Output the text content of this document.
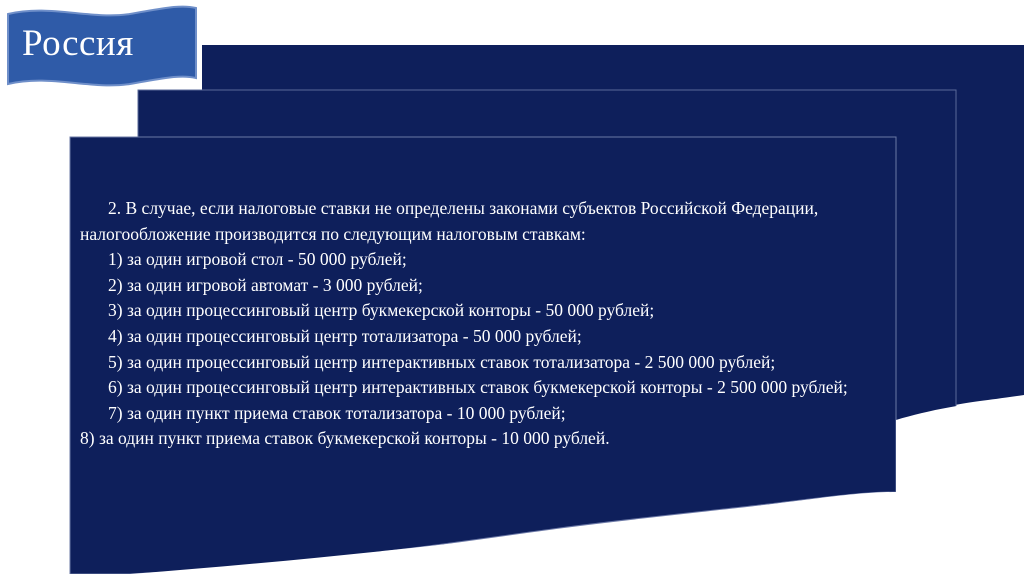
Россия

2. В случае, если налоговые ставки не определены законами субъектов Российской Федерации, налогообложение производится по следующим налоговым ставкам:

1) за один игровой стол - 50 000 рублей;

2) за один игровой автомат - 3 000 рублей;

3) за один процессинговый центр букмекерской конторы - 50 000 рублей;

4) за один процессинговый центр тотализатора - 50 000 рублей;

5) за один процессинговый центр интерактивных ставок тотализатора - 2 500 000 рублей;

6) за один процессинговый центр интерактивных ставок букмекерской конторы - 2 500 000 рублей;

7) за один пункт приема ставок тотализатора - 10 000 рублей;

8) за один пункт приема ставок букмекерской конторы - 10 000 рублей.
